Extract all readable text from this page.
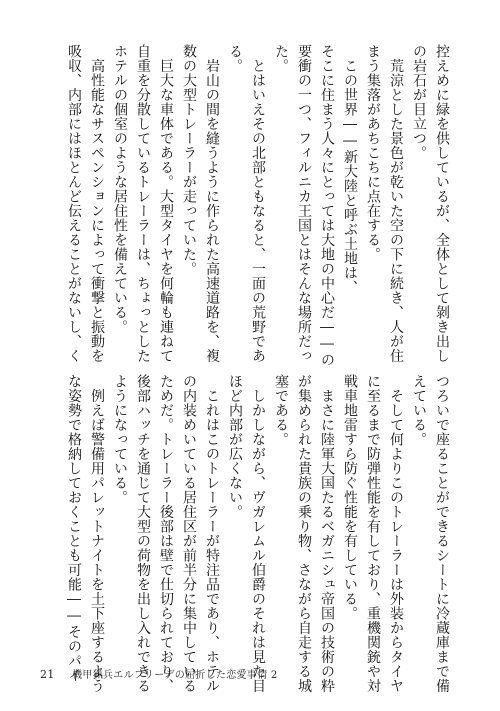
控えめに緑を供しているが、全体として剝き出し
の岩石が目立つ。
　荒涼とした景色が乾いた空の下に続き、人が住
まう集落があちこちに点在する。
　この世界――新大陸と呼ぶ土地は、
そこに住まう人々にとっては大地の中心だ――の
要衝の一つ、フィルニカ王国とはそんな場所だっ
た。
　とはいえその北部ともなると、一面の荒野であ
る。
　岩山の間を縫うように作られた高速道路を、複
数の大型トレーラーが走っていた。
　巨大な車体である。大型タイヤを何輪も連ねて
自重を分散しているトレーラーは、ちょっとした
ホテルの個室のような居住性を備えている。
　高性能なサスペンションによって衝撃と振動を
吸収、内部にはほとんど伝えることがないし、く
つろいで座ることができるシートに冷蔵庫まで備
えている。
　そして何よりこのトレーラーは外装からタイヤ
に至るまで防弾性能を有しており、重機関銃や対
戦車地雷すら防ぐ性能を有している。
　まさに陸軍大国たるベガニシュ帝国の技術の粋
が集められた貴族の乗り物、さながら自走する城
塞である。
　しかしながら、ヴガレムル伯爵のそれは見た目
ほど内部が広くない。
　これはこのトレーラーが特注品であり、ホテル
の内装めいている居住区が前半分に集中している
ためだ。トレーラー後部は壁で仕切られており、
後部ハッチを通じて大型の荷物を出し入れできる
ようになっている。
　例えば警備用パレットナイトを土下座するよう
な姿勢で格納しておくことも可能――そのパイ
21 機甲猟兵エルフリーデの屈折した恋愛事情 2
